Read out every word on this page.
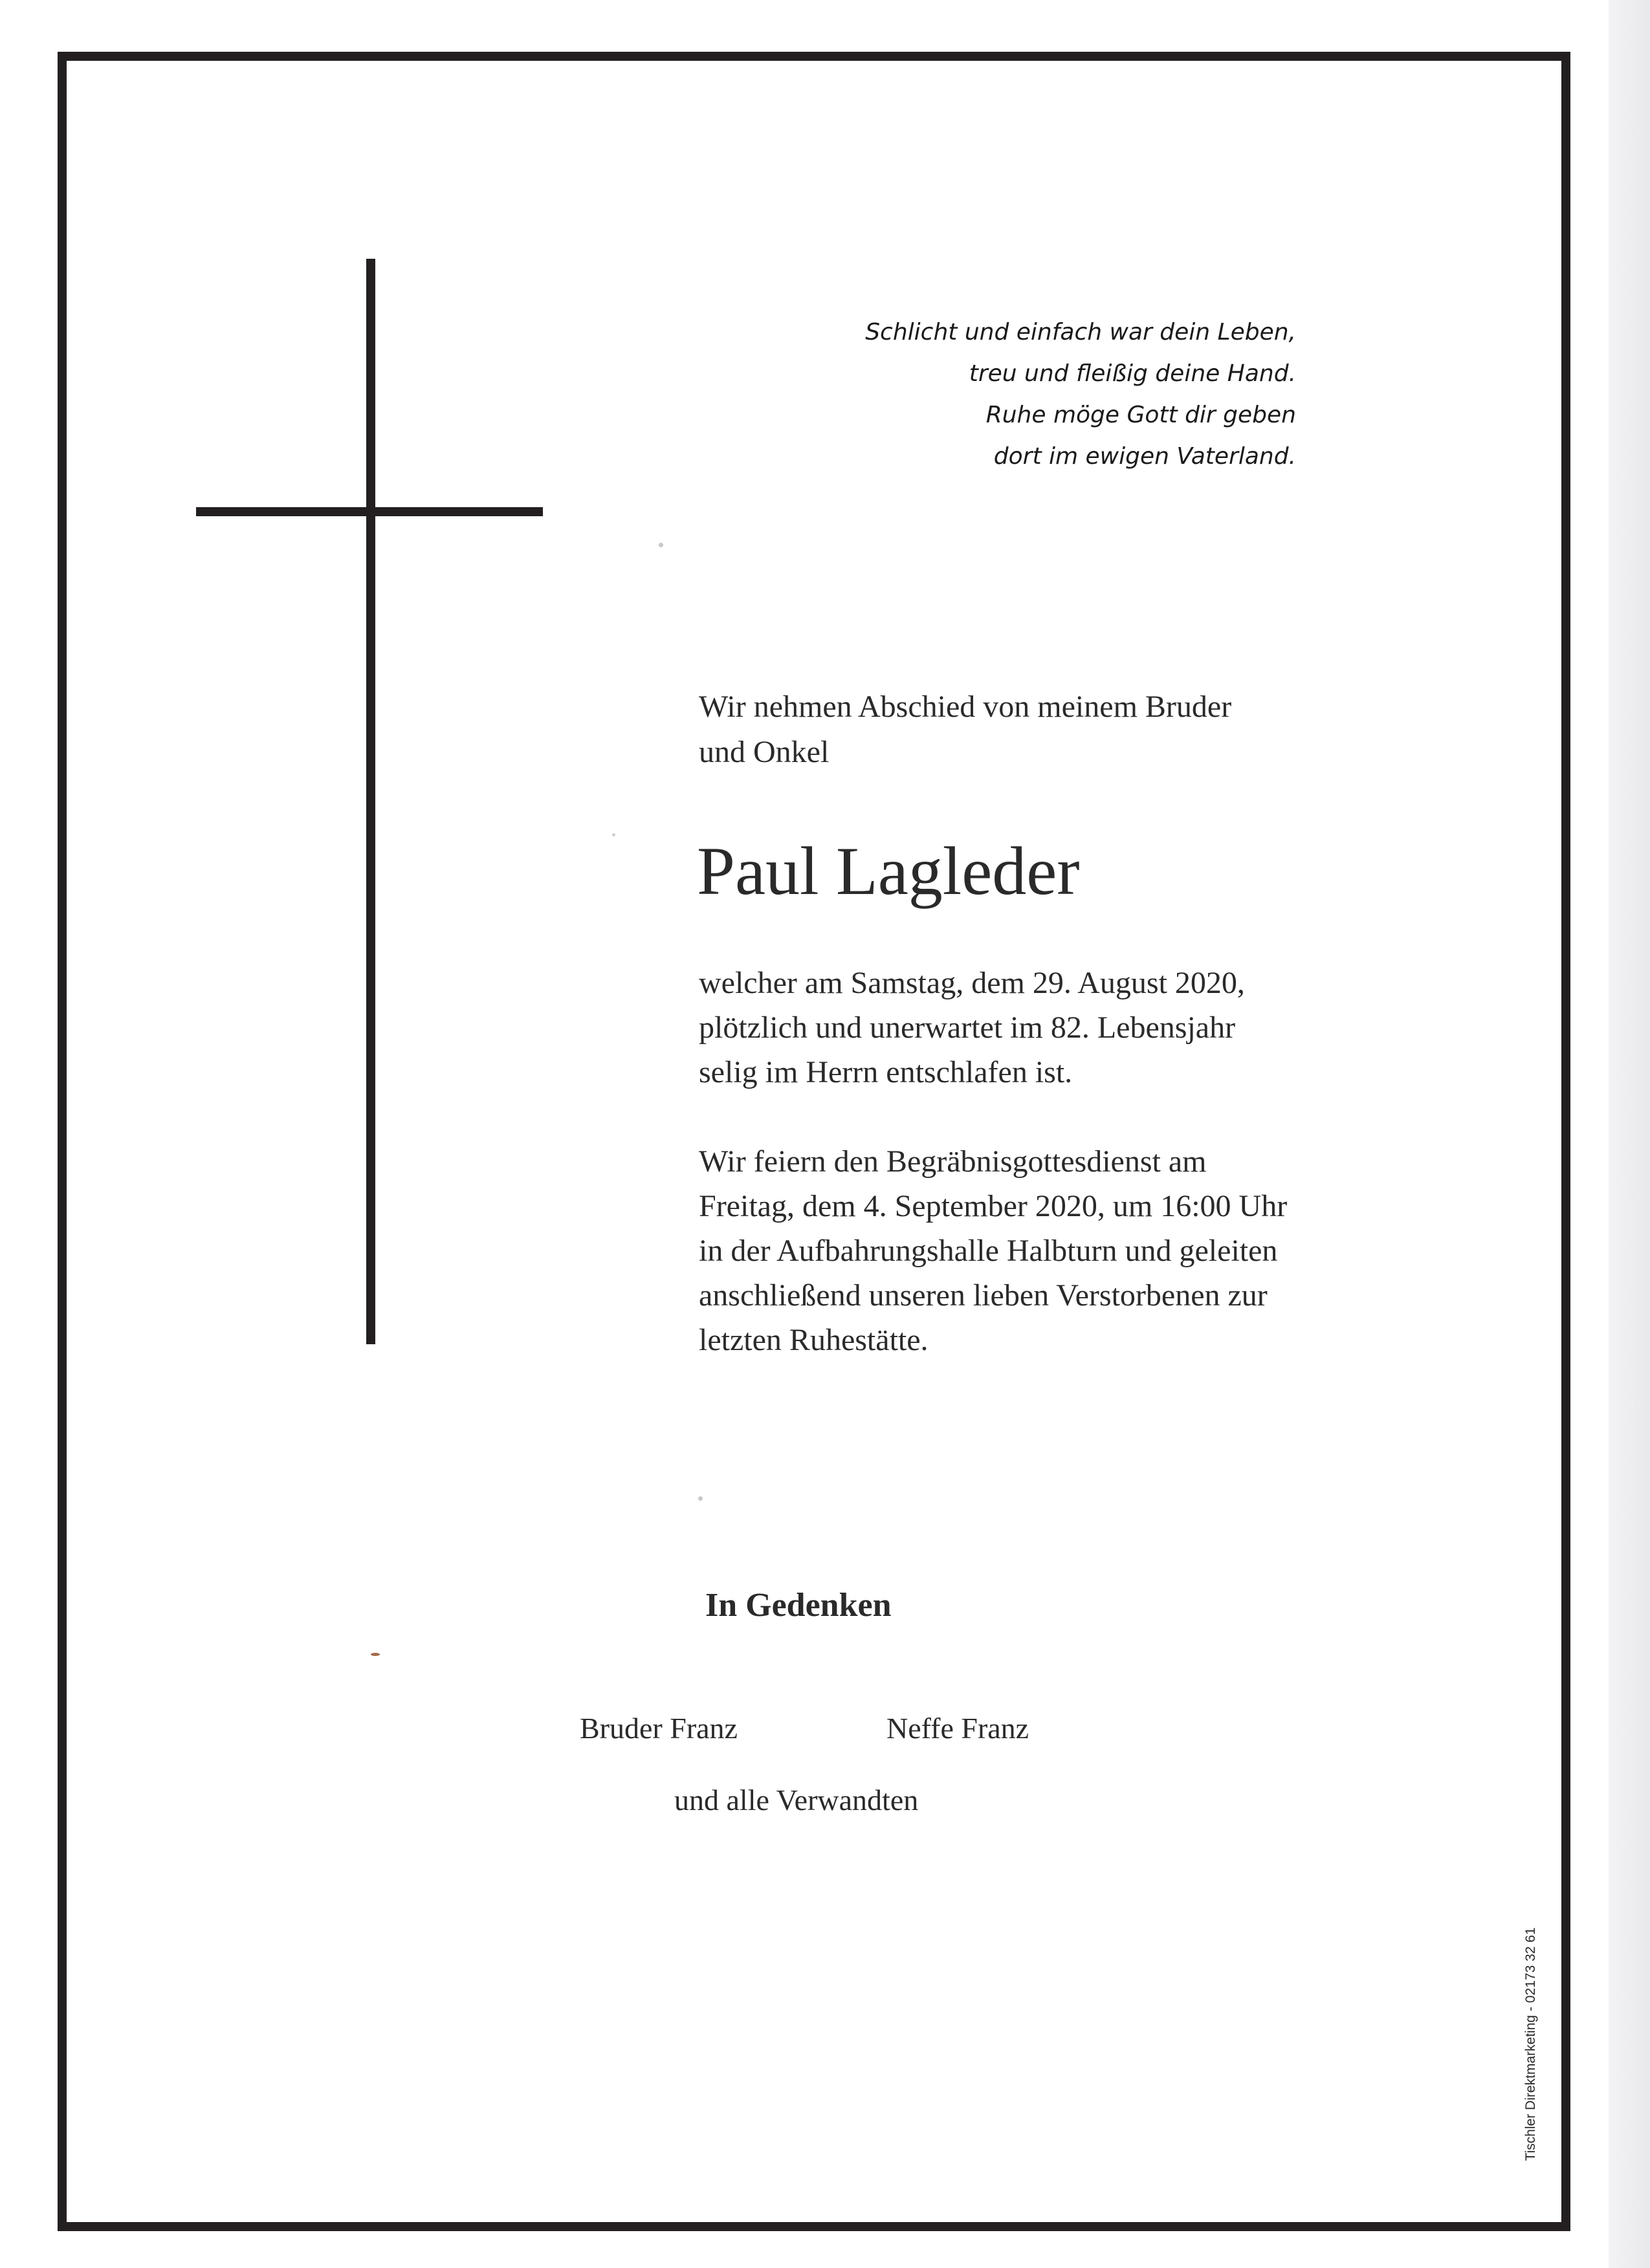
Schlicht und einfach war dein Leben,
treu und fleißig deine Hand.
Ruhe möge Gott dir geben
dort im ewigen Vaterland.
Wir nehmen Abschied von meinem Bruder
und Onkel
Paul Lagleder
welcher am Samstag, dem 29. August 2020,
plötzlich und unerwartet im 82. Lebensjahr
selig im Herrn entschlafen ist.
Wir feiern den Begräbnisgottesdienst am
Freitag, dem 4. September 2020, um 16:00 Uhr
in der Aufbahrungshalle Halbturn und geleiten
anschließend unseren lieben Verstorbenen zur
letzten Ruhestätte.
In Gedenken
Bruder Franz	Neffe Franz
und alle Verwandten
Tischler Direktmarketing - 02173 32 61
